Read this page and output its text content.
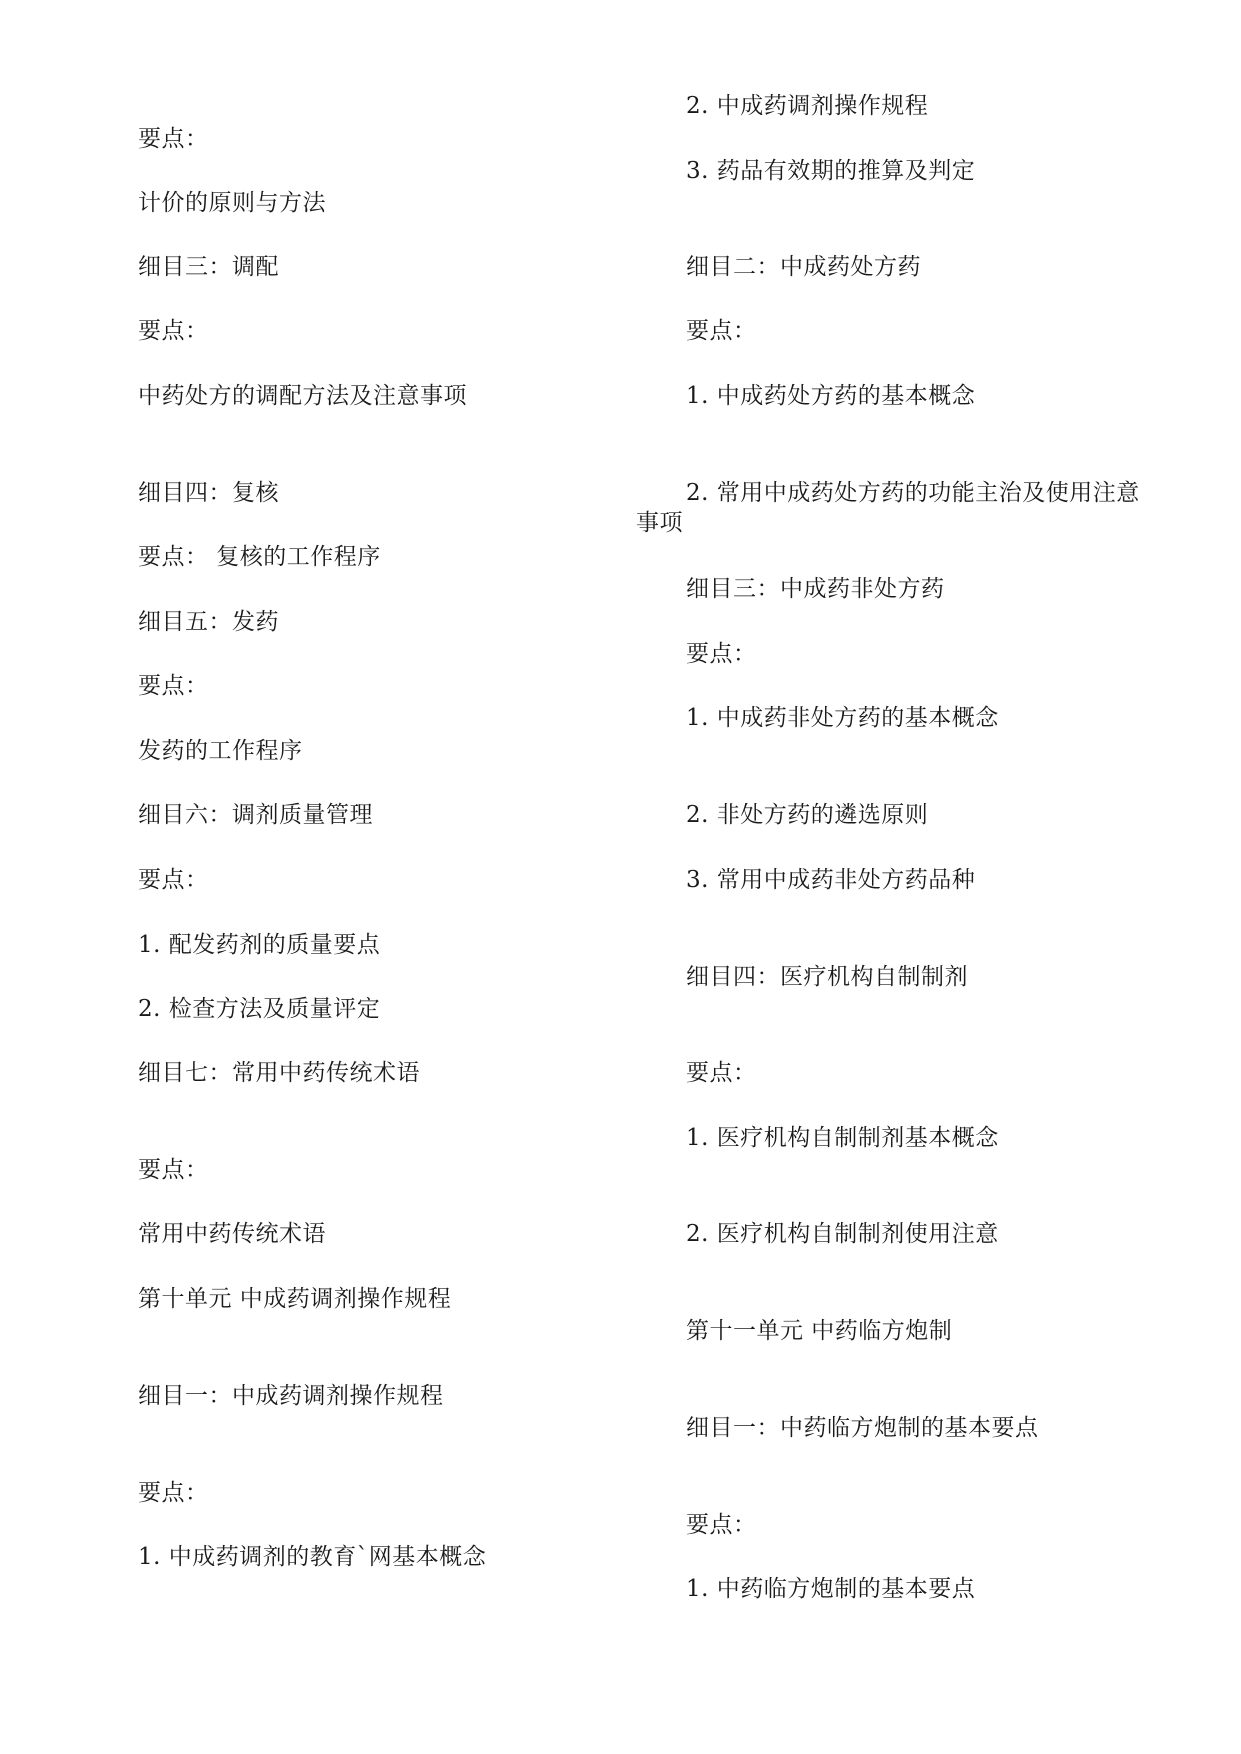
要点：
计价的原则与方法
细目三：调配
要点：
中药处方的调配方法及注意事项
细目四：复核
要点： 复核的工作程序
细目五：发药
要点：
发药的工作程序
细目六：调剂质量管理
要点：
1. 配发药剂的质量要点
2. 检查方法及质量评定
细目七：常用中药传统术语
要点：
常用中药传统术语
第十单元 中成药调剂操作规程
细目一：中成药调剂操作规程
要点：
1. 中成药调剂的教育`网基本概念
2. 中成药调剂操作规程
3. 药品有效期的推算及判定
细目二：中成药处方药
要点：
1. 中成药处方药的基本概念
2. 常用中成药处方药的功能主治及使用注意事项
细目三：中成药非处方药
要点：
1. 中成药非处方药的基本概念
2. 非处方药的遴选原则
3. 常用中成药非处方药品种
细目四：医疗机构自制制剂
要点：
1. 医疗机构自制制剂基本概念
2. 医疗机构自制制剂使用注意
第十一单元 中药临方炮制
细目一：中药临方炮制的基本要点
要点：
1. 中药临方炮制的基本要点
